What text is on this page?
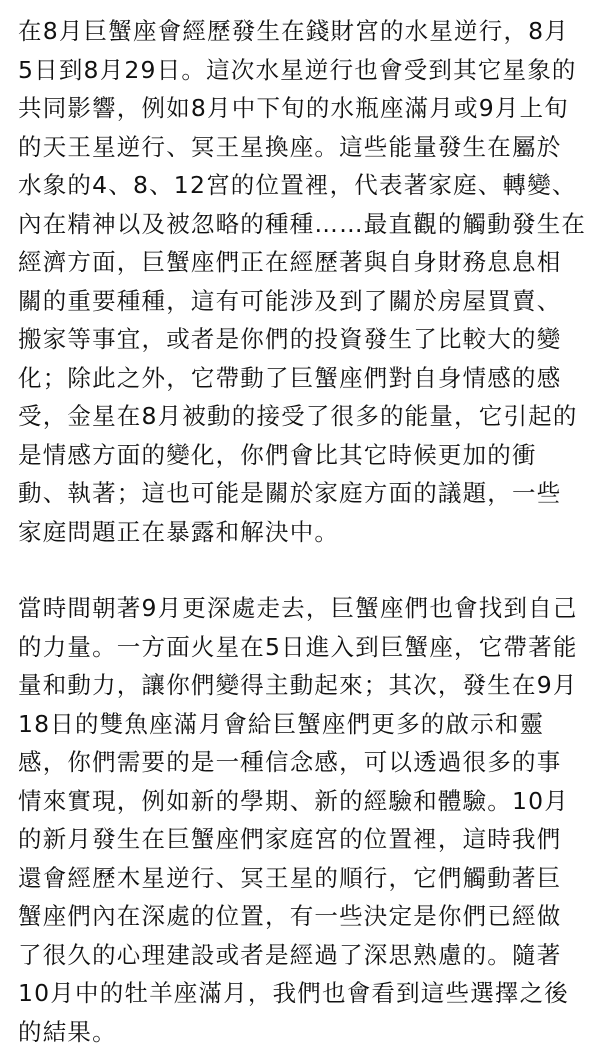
在8月巨蟹座會經歷發生在錢財宮的水星逆行，8月
5日到8月29日。這次水星逆行也會受到其它星象的
共同影響，例如8月中下旬的水瓶座滿月或9月上旬
的天王星逆行、冥王星換座。這些能量發生在屬於
水象的4、8、12宮的位置裡，代表著家庭、轉變、
內在精神以及被忽略的種種……最直觀的觸動發生在
經濟方面，巨蟹座們正在經歷著與自身財務息息相
關的重要種種，這有可能涉及到了關於房屋買賣、
搬家等事宜，或者是你們的投資發生了比較大的變
化；除此之外，它帶動了巨蟹座們對自身情感的感
受，金星在8月被動的接受了很多的能量，它引起的
是情感方面的變化，你們會比其它時候更加的衝
動、執著；這也可能是關於家庭方面的議題，一些
家庭問題正在暴露和解決中。
當時間朝著9月更深處走去，巨蟹座們也會找到自己
的力量。一方面火星在5日進入到巨蟹座，它帶著能
量和動力，讓你們變得主動起來；其次，發生在9月
18日的雙魚座滿月會給巨蟹座們更多的啟示和靈
感，你們需要的是一種信念感，可以透過很多的事
情來實現，例如新的學期、新的經驗和體驗。10月
的新月發生在巨蟹座們家庭宮的位置裡，這時我們
還會經歷木星逆行、冥王星的順行，它們觸動著巨
蟹座們內在深處的位置，有一些決定是你們已經做
了很久的心理建設或者是經過了深思熟慮的。隨著
10月中的牡羊座滿月，我們也會看到這些選擇之後
的結果。
